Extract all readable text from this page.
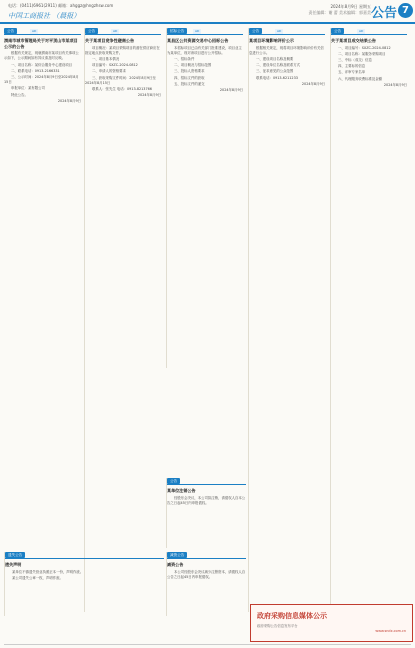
电话：(0411)6961(2911) 邮箱：ahggz@hngzhsw.com
中国工商报社 （晨报）
2024年8月9日 星期五
责任编辑：谢 蕾 美术编辑：郭嘉美 公告 7
公告	AD
渭南市城市管理局关于对平顶山市某项目公示的公告

根据有关规定，现就渭南市某项目有关事项公示如下，公示期间如有异议请及时反映。

一、项目名称：某综合服务中心建设项目

二、联系电话：0913-2166331

三、公示时间：2024年8月9日至2024年8月15日

申报单位：某有限公司

特此公告。

2024年8月9日

公告	AD
关于某项目竞争性磋商公告

项目概况：某项目采购项目的潜在供应商应在指定地点获取采购文件。

一、项目基本情况

项目编号：SXZC-2024-0812

二、申请人的资格要求

三、获取采购文件时间：2024年8月9日至2024年8月15日

联系人：张先生 电话：0913-8213766

2024年8月9日

招标公告	AD
某县区公共资源交易中心招标公告

本招标项目已由有关部门批准建设，项目业主为某单位，现对该项目进行公开招标。

一、招标条件

二、项目概况与招标范围

三、投标人资格要求

四、招标文件的获取

五、投标文件的递交

2024年8月9日

公告	AD
某项目环境影响评价公示

根据相关规定，现将项目环境影响评价有关信息进行公示。

一、建设项目名称及概要

二、建设单位名称及联系方式

三、征求意见的公众范围

联系电话：0913-6211233

2024年8月9日

公告	AD
关于某项目成交结果公告

一、项目编号：SXZC-2024-0812

二、项目名称：某服务采购项目

三、中标（成交）信息

四、主要标的信息

五、评审专家名单

六、代理服务收费标准及金额

2024年8月9日

遗失公告
遗失声明

某单位不慎遗失营业执照正本一份，声明作废。

某公司遗失公章一枚，声明作废。

公告
某单位注销公告

经股东会决议，本公司拟注销，请债权人自本公告之日起45日内申报债权。

减资公告
减资公告

本公司经股东会决议减少注册资本，请债权人自公告之日起45日内申报债权。

政府采购信息媒体公示
政府采购公告信息发布平台
www.sndx.com.cn
